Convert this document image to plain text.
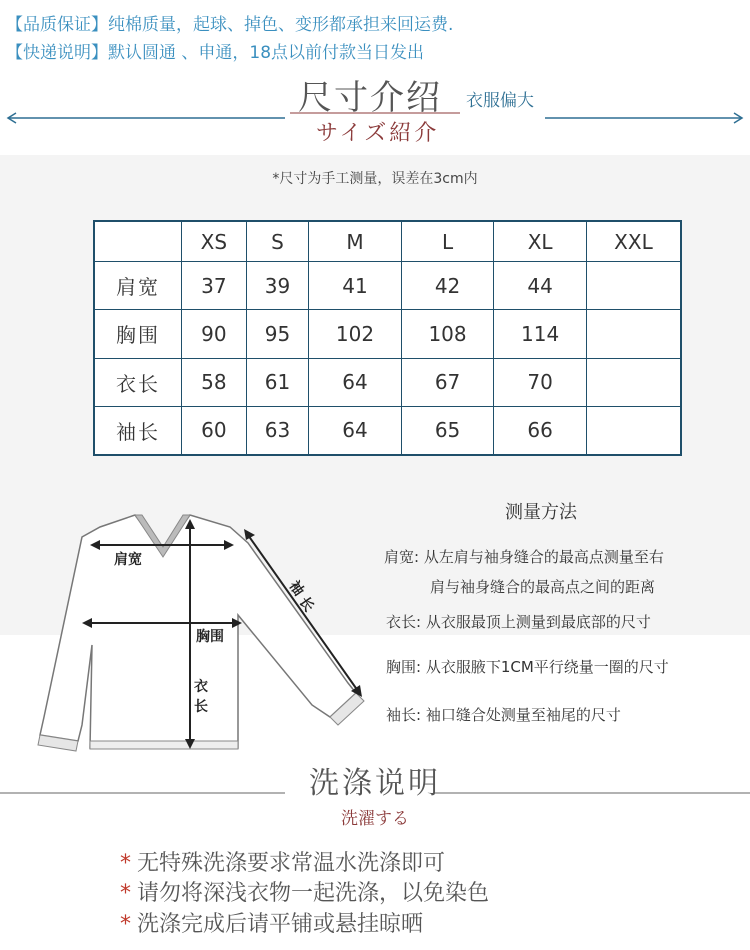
【品质保证】纯棉质量，起球、掉色、变形都承担来回运费.
【快递说明】默认圆通 、申通，18点以前付款当日发出
尺寸介绍 衣服偏大
サイズ紹介
*尺寸为手工测量，误差在3cm内
	XS	S	M	L	XL	XXL
肩宽	37	39	41	42	44	
胸围	90	95	102	108	114	
衣长	58	61	64	67	70	
袖长	60	63	64	65	66	
肩宽
胸围
衣
长
袖
长
测量方法
肩宽: 从左肩与袖身缝合的最高点测量至右
肩与袖身缝合的最高点之间的距离
衣长: 从衣服最顶上测量到最底部的尺寸
胸围: 从衣服腋下1CM平行绕量一圈的尺寸
袖长: 袖口缝合处测量至袖尾的尺寸
洗涤说明
洗濯する
* 无特殊洗涤要求常温水洗涤即可
* 请勿将深浅衣物一起洗涤，以免染色
* 洗涤完成后请平铺或悬挂晾晒
